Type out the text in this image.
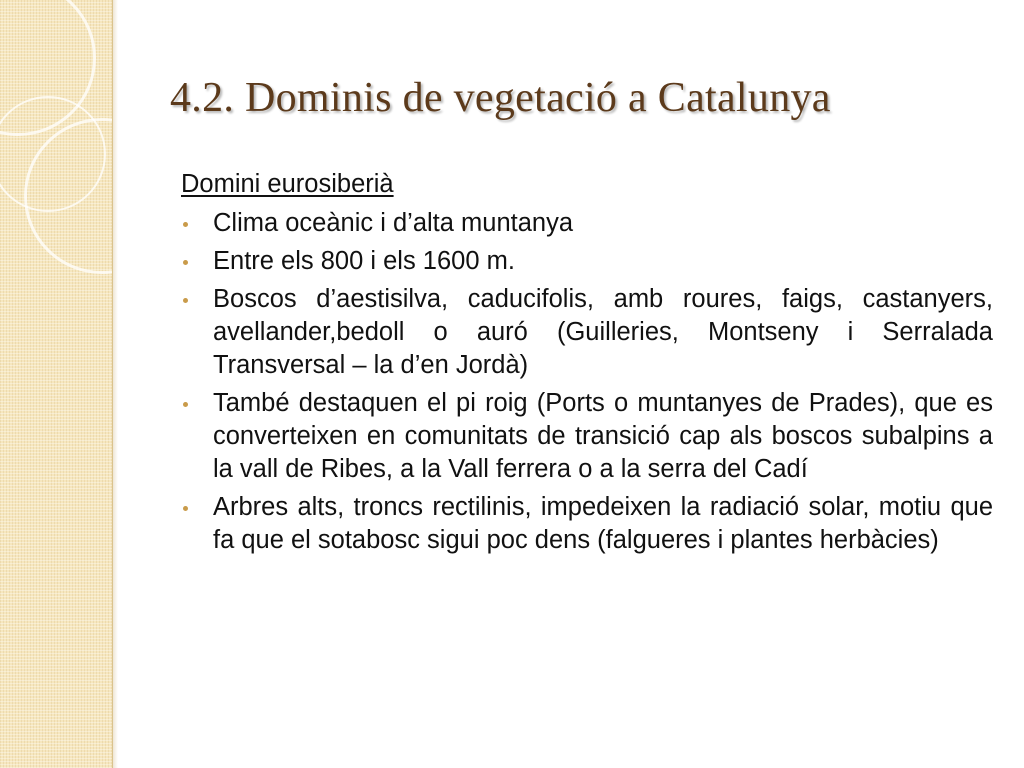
4.2. Dominis de vegetació a Catalunya
Domini eurosiberià
Clima oceànic i d’alta muntanya
Entre els 800 i els 1600 m.
Boscos d’aestisilva, caducifolis, amb roures, faigs, castanyers, avellander,bedoll o auró (Guilleries, Montseny i Serralada Transversal – la d’en Jordà)
També destaquen el pi roig (Ports o muntanyes de Prades), que es converteixen en comunitats de transició cap als boscos subalpins a la vall de Ribes, a la Vall ferrera o a la serra del Cadí
Arbres alts, troncs rectilinis, impedeixen la radiació solar, motiu que fa que el sotabosc sigui poc dens (falgueres i plantes herbàcies)
